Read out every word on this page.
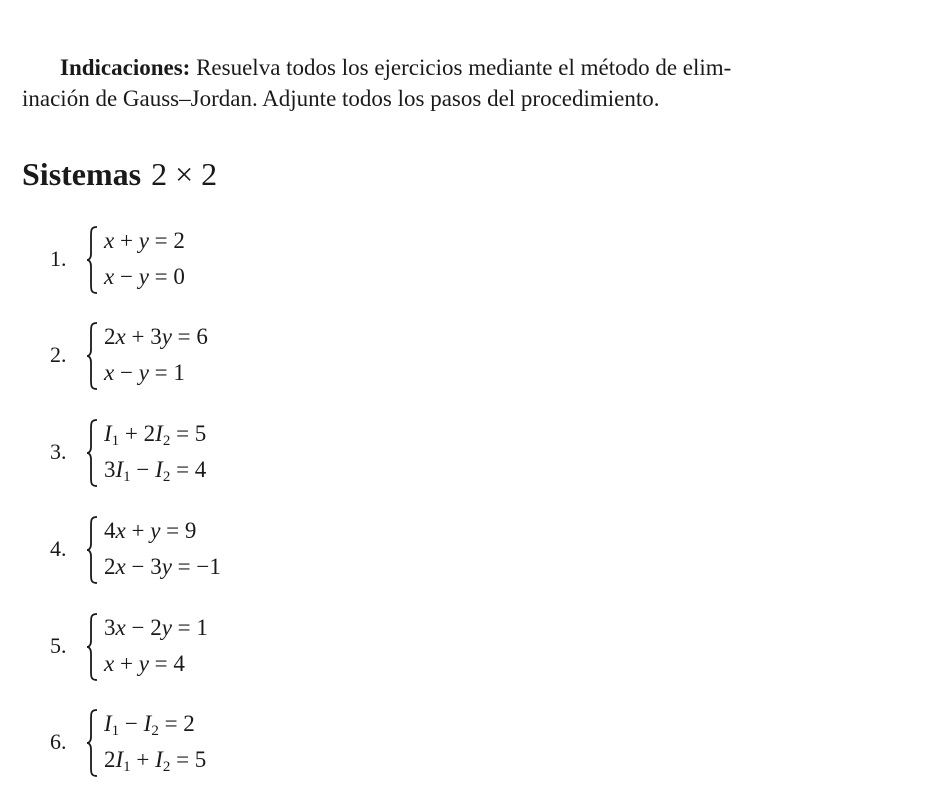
Indicaciones: Resuelva todos los ejercicios mediante el método de elim-
inación de Gauss–Jordan. Adjunte todos los pasos del procedimiento.
Sistemas 2 × 2
1.
x + y = 2
x − y = 0
2.
2x + 3y = 6
x − y = 1
3.
$I_1 + 2I_2 = 5$
$3I_1 - I_2 = 4$
4.
4x + y = 9
2x − 3y = −1
5.
3x − 2y = 1
x + y = 4
6.
$I_1 - I_2 = 2$
$2I_1 + I_2 = 5$
